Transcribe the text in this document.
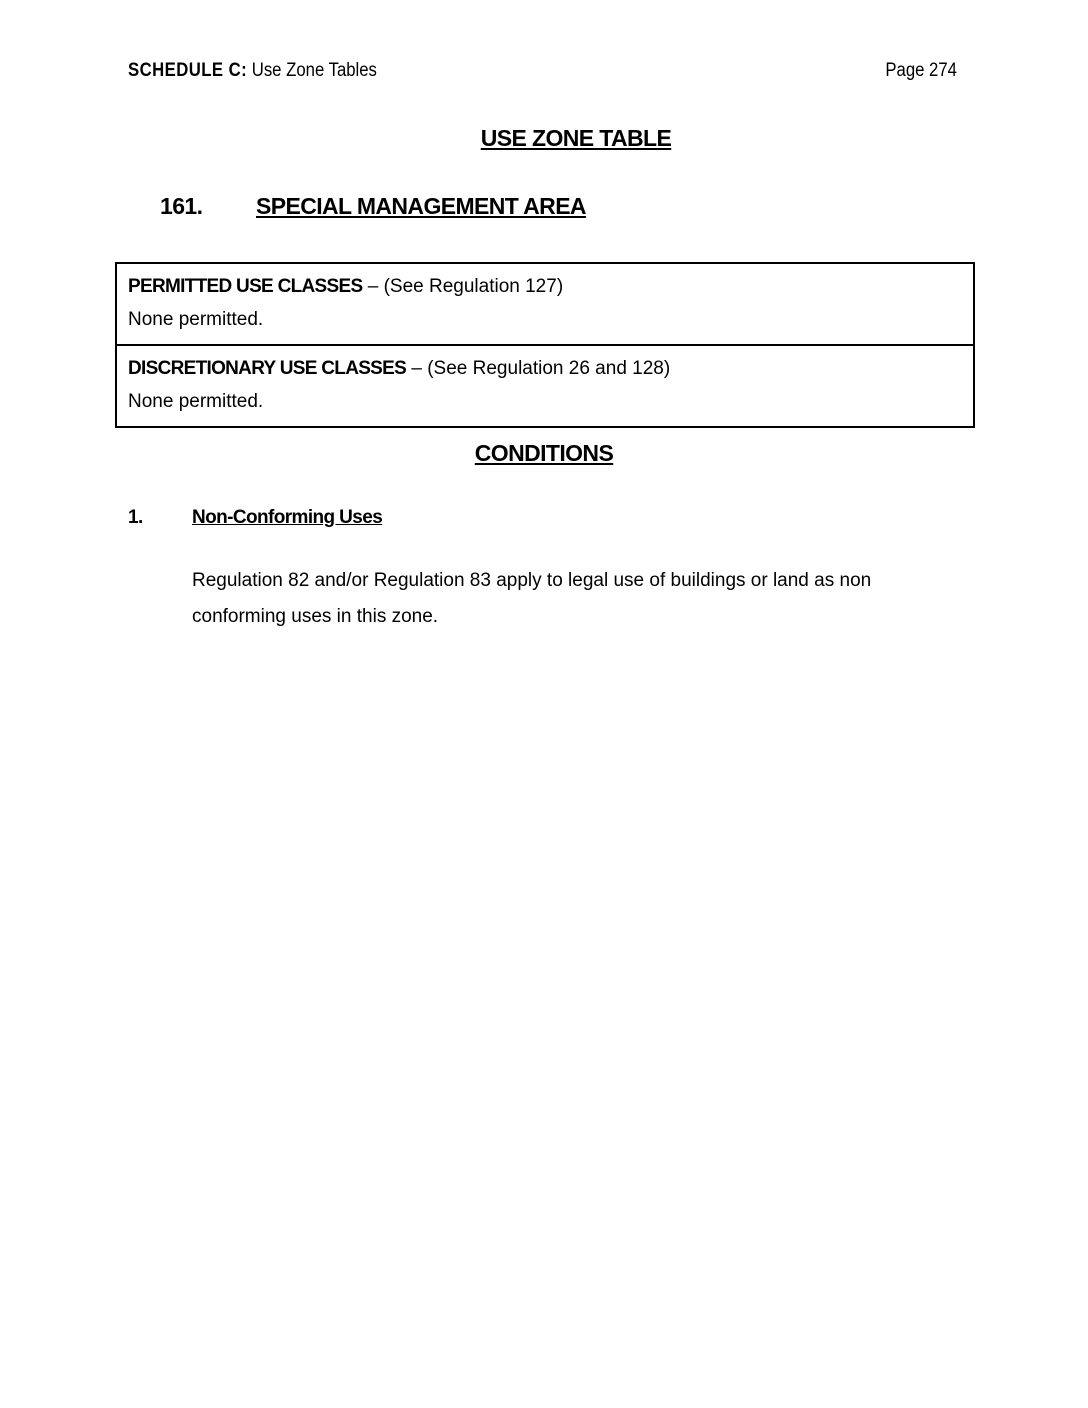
SCHEDULE C: Use Zone Tables	Page 274
USE ZONE TABLE
161. SPECIAL MANAGEMENT AREA
PERMITTED USE CLASSES – (See Regulation 127)
None permitted.
DISCRETIONARY USE CLASSES – (See Regulation 26 and 128)
None permitted.
CONDITIONS
1.	Non-Conforming Uses
Regulation 82 and/or Regulation 83 apply to legal use of buildings or land as non conforming uses in this zone.
